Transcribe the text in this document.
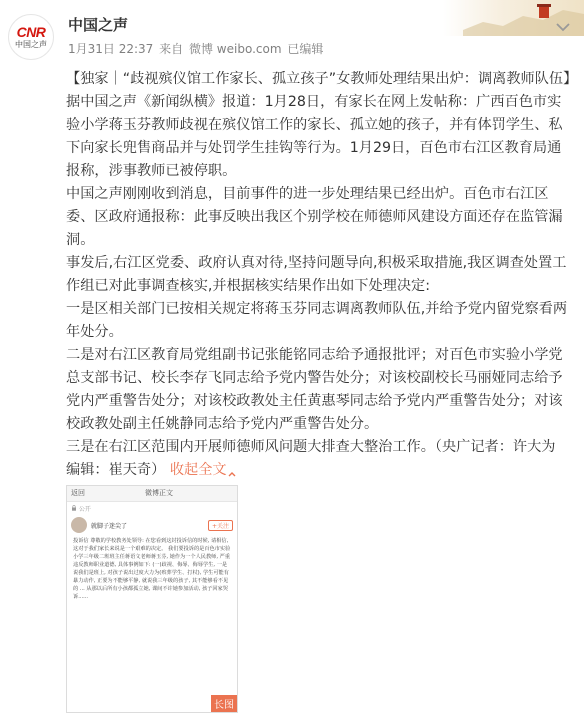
CNR
中国之声
中国之声
1月31日 22:37 来自 微博 weibo.com 已编辑

【独家｜“歧视殡仪馆工作家长、孤立孩子”女教师处理结果出炉：调离教师队伍】据中国之声《新闻纵横》报道：1月28日，有家长在网上发帖称：广西百色市实验小学蒋玉芬教师歧视在殡仪馆工作的家长、孤立她的孩子，并有体罚学生、私下向家长兜售商品并与处罚学生挂钩等行为。1月29日，百色市右江区教育局通报称，涉事教师已被停职。

中国之声刚刚收到消息，目前事件的进一步处理结果已经出炉。百色市右江区委、区政府通报称：此事反映出我区个别学校在师德师风建设方面还存在监管漏洞。

事发后,右江区党委、政府认真对待,坚持问题导向,积极采取措施,我区调查处置工作组已对此事调查核实,并根据核实结果作出如下处理决定:

一是区相关部门已按相关规定将蒋玉芬同志调离教师队伍,并给予党内留党察看两年处分。

二是对右江区教育局党组副书记张能铭同志给予通报批评；对百色市实验小学党总支部书记、校长李存飞同志给予党内警告处分；对该校副校长马丽娅同志给予党内严重警告处分；对该校政教处主任黄惠琴同志给予党内严重警告处分；对该校政教处副主任姚静同志给予党内严重警告处分。

三是在右江区范围内开展师德师风问题大排查大整治工作。（央广记者：许大为 编辑：崔天奇） 收起全文

返回	微博正文
公开
就脚子迷尖了	+关注
投诉信 尊敬的学校教务处领导: 在您看到这封投诉信的时候, 请相信, 这对于我们家长来说是一个艰难的决定。 我们要投诉的是百色市实验小学三年级二班班主任蒋语文老师蒋玉芬, 她作为一个人民教师, 严重违反教师职业道德, 具体事例如下: (一)歧视、侮辱、侮辱学生, 一是说我们是班上, 对孩子说出过度大力为(殡葬学生、打杖), 学生可能有暴力动作, 正要为不能够平静, 就说我三年级的孩子, 其不能够看不见的 ... 从那以后所有小孩都孤立她, 课间不许她参加活动, 孩子回家哭诉......
长图
